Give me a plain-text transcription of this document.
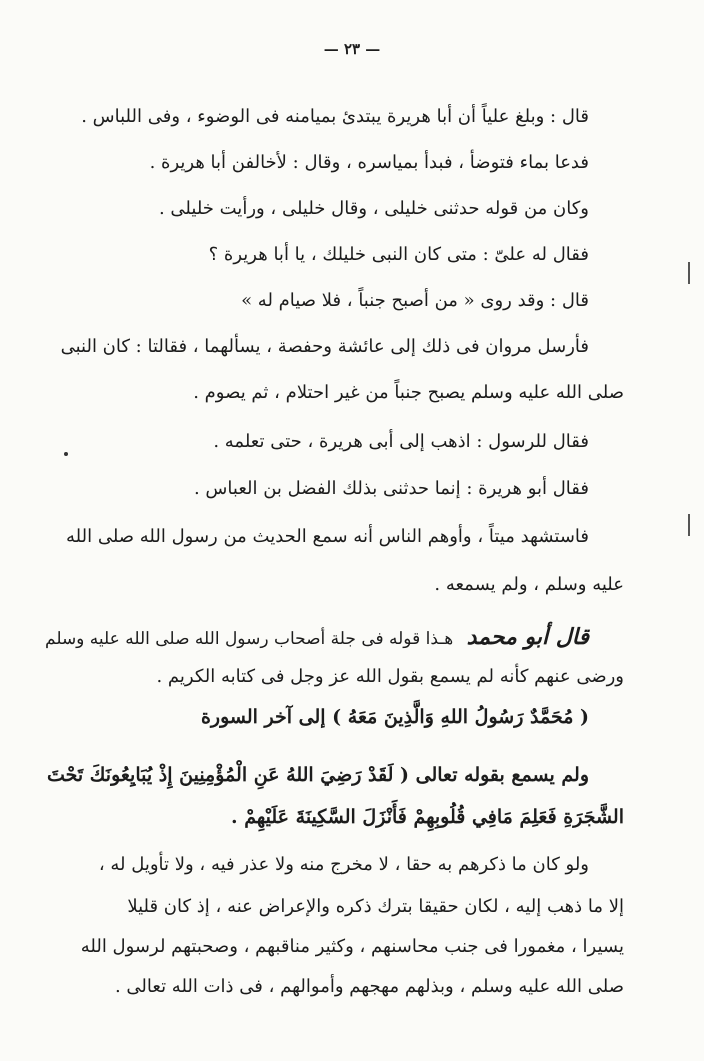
— ٢٣ —
قال : وبلغ علياً أن أبا هريرة يبتدئ بميامنه فى الوضوء ، وفى اللباس .
فدعا بماء فتوضأ ، فبدأ بمياسره ، وقال : لأخالفن أبا هريرة .
وكان من قوله حدثنى خليلى ، وقال خليلى ، ورأيت خليلى .
فقال له علىّ : متى كان النبى خليلك ، يا أبا هريرة ؟
قال : وقد روى « من أصبح جنباً ، فلا صيام له »
فأرسل مروان فى ذلك إلى عائشة وحفصة ، يسألهما ، فقالتا : كان النبى
صلى الله عليه وسلم يصبح جنباً من غير احتلام ، ثم يصوم .
فقال للرسول : اذهب إلى أبى هريرة ، حتى تعلمه .
فقال أبو هريرة : إنما حدثنى بذلك الفضل بن العباس .
فاستشهد ميتاً ، وأوهم الناس أنه سمع الحديث من رسول الله صلى الله
عليه وسلم ، ولم يسمعه .
قال أبو محمد هـذا قوله فى جلة أصحاب رسول الله صلى الله عليه وسلم
ورضى عنهم كأنه لم يسمع بقول الله عز وجل فى كتابه الكريم .
( مُحَمَّدٌ رَسُولُ اللهِ وَالَّذِينَ مَعَهُ ) إلى آخر السورة
ولم يسمع بقوله تعالى ( لَقَدْ رَضِيَ اللهُ عَنِ الْمُؤْمِنِينَ إِذْ يُبَايِعُونَكَ تَحْتَ
الشَّجَرَةِ فَعَلِمَ مَافِي قُلُوبِهِمْ فَأَنْزَلَ السَّكِينَةَ عَلَيْهِمْ .
ولو كان ما ذكرهم به حقا ، لا مخرج منه ولا عذر فيه ، ولا تأويل له ،
إلا ما ذهب إليه ، لكان حقيقا بترك ذكره والإعراض عنه ، إذ كان قليلا
يسيرا ، مغمورا فى جنب محاسنهم ، وكثير مناقبهم ، وصحبتهم لرسول الله
صلى الله عليه وسلم ، وبذلهم مهجهم وأموالهم ، فى ذات الله تعالى .
